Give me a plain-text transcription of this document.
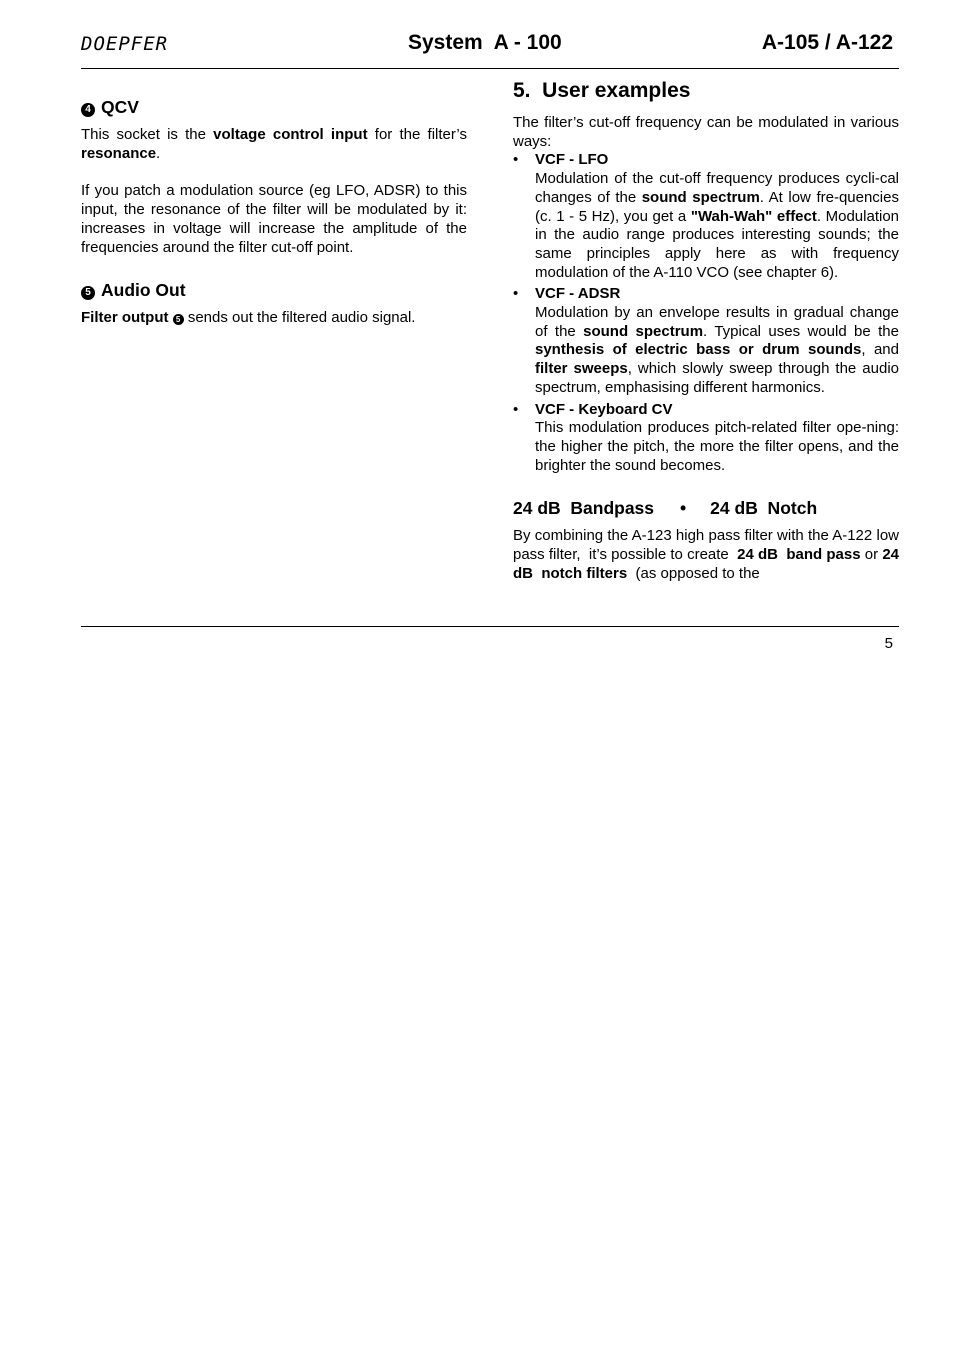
DOEPFER	System  A - 100	A-105 / A-122
4 QCV

This socket is the voltage control input for the filter’s resonance.

If you patch a modulation source (eg LFO, ADSR) to this input, the resonance of the filter will be modulated by it: increases in voltage will increase the amplitude of the frequencies around the filter cut-off point.

5 Audio Out

Filter output 5 sends out the filtered audio signal.

5.  User examples

The filter’s cut-off frequency can be modulated in various ways:

• VCF - LFO

Modulation of the cut-off frequency produces cycli-cal changes of the sound spectrum. At low fre-quencies (c. 1 - 5 Hz), you get a "Wah-Wah" effect. Modulation in the audio range produces interesting sounds; the same principles apply here as with frequency modulation of the A-110 VCO (see chapter 6).

• VCF - ADSR

Modulation by an envelope results in gradual change of the sound spectrum. Typical uses would be the synthesis of electric bass or drum sounds, and filter sweeps, which slowly sweep through the audio spectrum, emphasising different harmonics.

• VCF - Keyboard CV

This modulation produces pitch-related filter ope-ning: the higher the pitch, the more the filter opens, and the brighter the sound becomes.

24 dB  Bandpass • 24 dB  Notch

By combining the A-123 high pass filter with the A-122 low pass filter,  it’s possible to create  24 dB  band pass or 24 dB  notch filters  (as opposed to the

5
